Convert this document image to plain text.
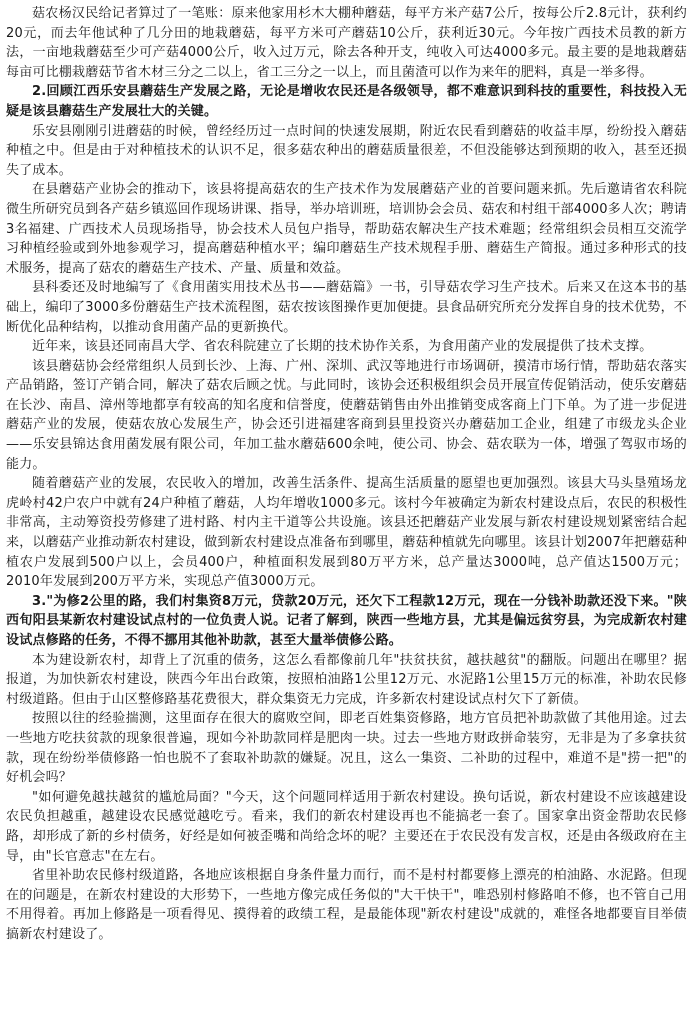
菇农杨汉民给记者算过了一笔账：原来他家用杉木大棚种蘑菇，每平方米产菇7公斤，按每公斤2.8元计，获利约20元，而去年他试种了几分田的地栽蘑菇，每平方米可产蘑菇10公斤，获利近30元。今年按广西技术员教的新方法，一亩地栽蘑菇至少可产菇4000公斤，收入过万元，除去各种开支，纯收入可达4000多元。最主要的是地栽蘑菇每亩可比棚栽蘑菇节省木材三分之二以上，省工三分之一以上，而且菌渣可以作为来年的肥料，真是一举多得。

2.回顾江西乐安县蘑菇生产发展之路，无论是增收农民还是各级领导，都不难意识到科技的重要性，科技投入无疑是该县蘑菇生产发展壮大的关键。

乐安县刚刚引进蘑菇的时候，曾经经历过一点时间的快速发展期，附近农民看到蘑菇的收益丰厚，纷纷投入蘑菇种植之中。但是由于对种植技术的认识不足，很多菇农种出的蘑菇质量很差，不但没能够达到预期的收入，甚至还损失了成本。

在县蘑菇产业协会的推动下，该县将提高菇农的生产技术作为发展蘑菇产业的首要问题来抓。先后邀请省农科院微生所研究员到各产菇乡镇巡回作现场讲课、指导，举办培训班，培训协会会员、菇农和村组干部4000多人次；聘请3名福建、广西技术人员现场指导，协会技术人员包户指导，帮助菇农解决生产技术难题；经常组织会员相互交流学习种植经验或到外地参观学习，提高蘑菇种植水平；编印蘑菇生产技术规程手册、蘑菇生产简报。通过多种形式的技术服务，提高了菇农的蘑菇生产技术、产量、质量和效益。

县科委还及时地编写了《食用菌实用技术丛书——蘑菇篇》一书，引导菇农学习生产技术。后来又在这本书的基础上，编印了3000多份蘑菇生产技术流程图，菇农按该图操作更加便捷。县食品研究所充分发挥自身的技术优势，不断优化品种结构，以推动食用菌产品的更新换代。

近年来，该县还同南昌大学、省农科院建立了长期的技术协作关系，为食用菌产业的发展提供了技术支撑。

该县蘑菇协会经常组织人员到长沙、上海、广州、深圳、武汉等地进行市场调研，摸清市场行情，帮助菇农落实产品销路，签订产销合同，解决了菇农后顾之忧。与此同时，该协会还积极组织会员开展宣传促销活动，使乐安蘑菇在长沙、南昌、漳州等地都享有较高的知名度和信誉度，使蘑菇销售由外出推销变成客商上门下单。为了进一步促进蘑菇产业的发展，使菇农放心发展生产，协会还引进福建客商到县里投资兴办蘑菇加工企业，组建了市级龙头企业——乐安县锦达食用菌发展有限公司，年加工盐水蘑菇600余吨，使公司、协会、菇农联为一体，增强了驾驭市场的能力。

随着蘑菇产业的发展，农民收入的增加，改善生活条件、提高生活质量的愿望也更加强烈。该县大马头垦殖场龙虎岭村42户农户中就有24户种植了蘑菇，人均年增收1000多元。该村今年被确定为新农村建设点后，农民的积极性非常高，主动筹资投劳修建了进村路、村内主干道等公共设施。该县还把蘑菇产业发展与新农村建设规划紧密结合起来，以蘑菇产业推动新农村建设，做到新农村建设点准备布到哪里，蘑菇种植就先向哪里。该县计划2007年把蘑菇种植农户发展到500户以上，会员400户，种植面积发展到80万平方米，总产量达3000吨，总产值达1500万元；2010年发展到200万平方米，实现总产值3000万元。

3."为修2公里的路，我们村集资8万元，贷款20万元，还欠下工程款12万元，现在一分钱补助款还没下来。"陕西旬阳县某新农村建设试点村的一位负责人说。记者了解到，陕西一些地方县，尤其是偏远贫穷县，为完成新农村建设试点修路的任务，不得不挪用其他补助款，甚至大量举债修公路。

本为建设新农村，却背上了沉重的债务，这怎么看都像前几年"扶贫扶贫，越扶越贫"的翻版。问题出在哪里？据报道，为加快新农村建设，陕西今年出台政策，按照柏油路1公里12万元、水泥路1公里15万元的标准，补助农民修村级道路。但由于山区整修路基花费很大，群众集资无力完成，许多新农村建设试点村欠下了新债。

按照以往的经验揣测，这里面存在很大的腐败空间，即老百姓集资修路，地方官员把补助款做了其他用途。过去一些地方吃扶贫款的现象很普遍，现如今补助款同样是肥肉一块。过去一些地方财政拼命装穷，无非是为了多拿扶贫款，现在纷纷举债修路一怕也脱不了套取补助款的嫌疑。况且，这么一集资、二补助的过程中，难道不是"捞一把"的好机会吗？

"如何避免越扶越贫的尴尬局面？"今天，这个问题同样适用于新农村建设。换句话说，新农村建设不应该越建设农民负担越重，越建设农民感觉越吃亏。看来，我们的新农村建设再也不能搞老一套了。国家拿出资金帮助农民修路，却形成了新的乡村债务，好经是如何被歪嘴和尚给念坏的呢？主要还在于农民没有发言权，还是由各级政府在主导，由"长官意志"在左右。

省里补助农民修村级道路，各地应该根据自身条件量力而行，而不是村村都要修上漂亮的柏油路、水泥路。但现在的问题是，在新农村建设的大形势下，一些地方像完成任务似的"大干快干"，唯恐别村修路咱不修，也不管自己用不用得着。再加上修路是一项看得见、摸得着的政绩工程，是最能体现"新农村建设"成就的，难怪各地都要盲目举债搞新农村建设了。
